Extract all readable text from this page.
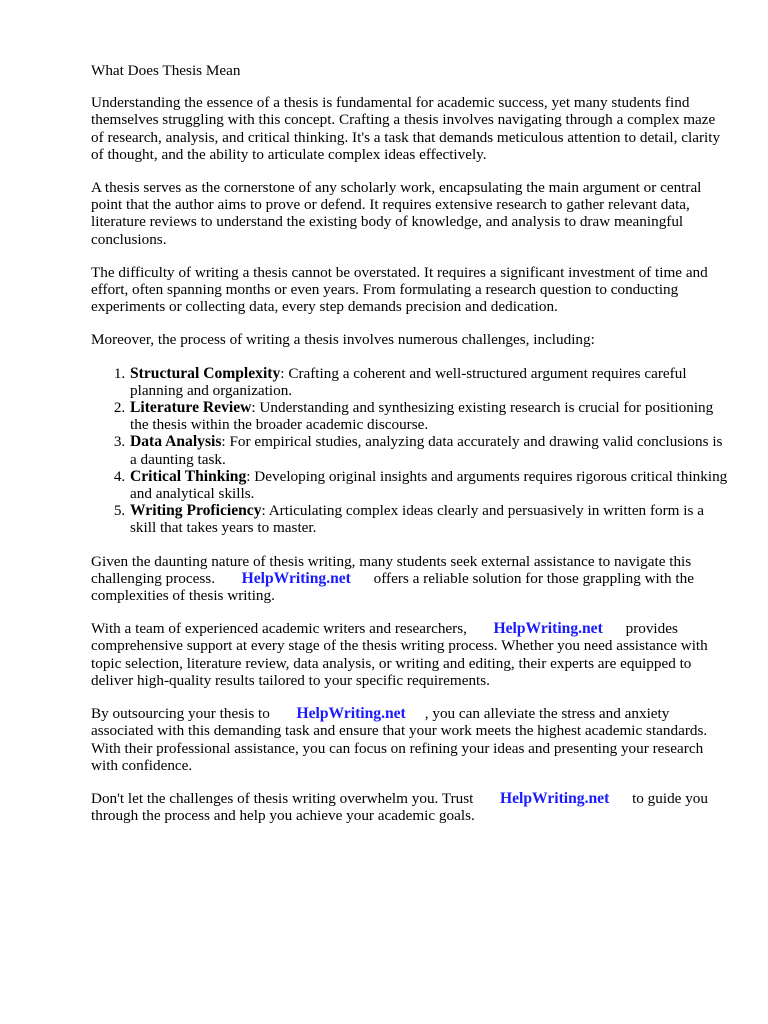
What Does Thesis Mean

Understanding the essence of a thesis is fundamental for academic success, yet many students find themselves struggling with this concept. Crafting a thesis involves navigating through a complex maze of research, analysis, and critical thinking. It's a task that demands meticulous attention to detail, clarity of thought, and the ability to articulate complex ideas effectively.

A thesis serves as the cornerstone of any scholarly work, encapsulating the main argument or central point that the author aims to prove or defend. It requires extensive research to gather relevant data, literature reviews to understand the existing body of knowledge, and analysis to draw meaningful conclusions.

The difficulty of writing a thesis cannot be overstated. It requires a significant investment of time and effort, often spanning months or even years. From formulating a research question to conducting experiments or collecting data, every step demands precision and dedication.

Moreover, the process of writing a thesis involves numerous challenges, including:

1. Structural Complexity: Crafting a coherent and well-structured argument requires careful planning and organization.
2. Literature Review: Understanding and synthesizing existing research is crucial for positioning the thesis within the broader academic discourse.
3. Data Analysis: For empirical studies, analyzing data accurately and drawing valid conclusions is a daunting task.
4. Critical Thinking: Developing original insights and arguments requires rigorous critical thinking and analytical skills.
5. Writing Proficiency: Articulating complex ideas clearly and persuasively in written form is a skill that takes years to master.

Given the daunting nature of thesis writing, many students seek external assistance to navigate this challenging process. HelpWriting.net offers a reliable solution for those grappling with the complexities of thesis writing.

With a team of experienced academic writers and researchers, HelpWriting.net provides comprehensive support at every stage of the thesis writing process. Whether you need assistance with topic selection, literature review, data analysis, or writing and editing, their experts are equipped to deliver high-quality results tailored to your specific requirements.

By outsourcing your thesis to HelpWriting.net , you can alleviate the stress and anxiety associated with this demanding task and ensure that your work meets the highest academic standards. With their professional assistance, you can focus on refining your ideas and presenting your research with confidence.

Don't let the challenges of thesis writing overwhelm you. Trust HelpWriting.net to guide you through the process and help you achieve your academic goals.
